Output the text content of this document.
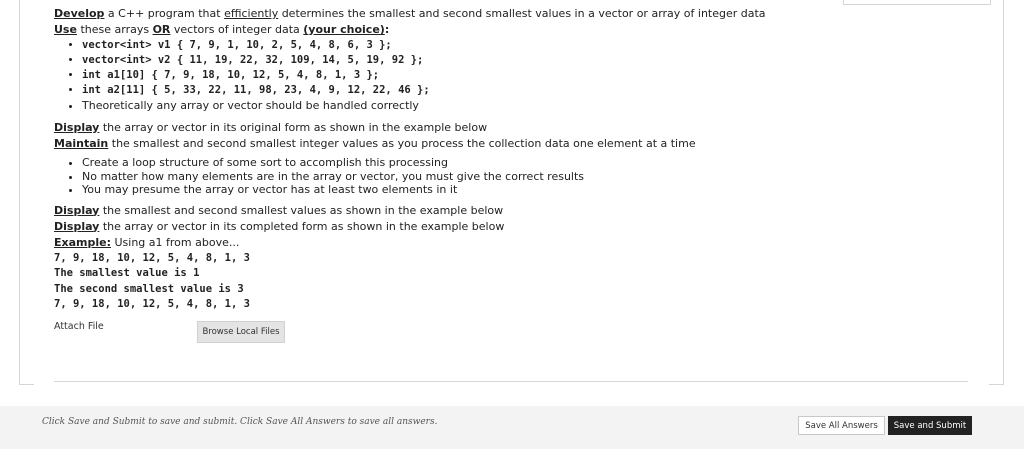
Develop a C++ program that efficiently determines the smallest and second smallest values in a vector or array of integer data
Use these arrays OR vectors of integer data (your choice):
• vector<int> v1 { 7, 9, 1, 10, 2, 5, 4, 8, 6, 3 };
• vector<int> v2 { 11, 19, 22, 32, 109, 14, 5, 19, 92 };
• int a1[10] { 7, 9, 18, 10, 12, 5, 4, 8, 1, 3 };
• int a2[11] { 5, 33, 22, 11, 98, 23, 4, 9, 12, 22, 46 };
• Theoretically any array or vector should be handled correctly
Display the array or vector in its original form as shown in the example below
Maintain the smallest and second smallest integer values as you process the collection data one element at a time
• Create a loop structure of some sort to accomplish this processing
• No matter how many elements are in the array or vector, you must give the correct results
• You may presume the array or vector has at least two elements in it
Display the smallest and second smallest values as shown in the example below
Display the array or vector in its completed form as shown in the example below
Example: Using a1 from above...
7, 9, 18, 10, 12, 5, 4, 8, 1, 3
The smallest value is 1
The second smallest value is 3
7, 9, 18, 10, 12, 5, 4, 8, 1, 3
Attach File	Browse Local Files
Click Save and Submit to save and submit. Click Save All Answers to save all answers.	Save All Answers	Save and Submit
